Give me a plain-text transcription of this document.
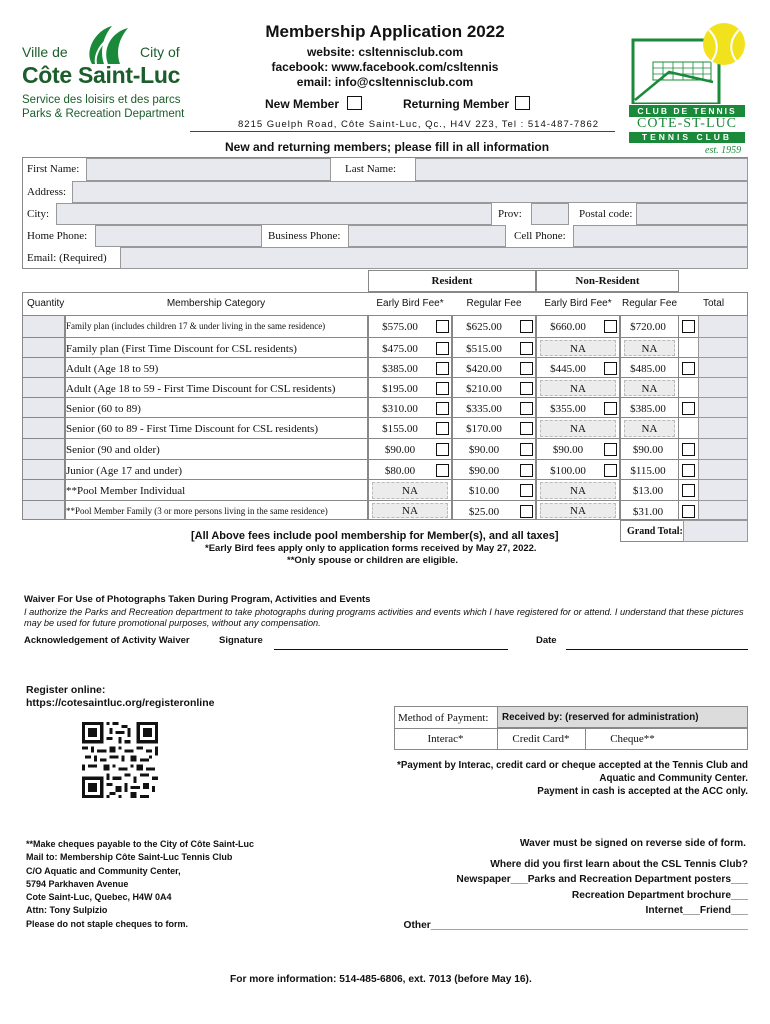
Ville de	City of
Côte Saint-Luc
Service des loisirs et des parcs
Parks & Recreation Department
Membership Application 2022
website: csltennisclub.com
facebook: www.facebook.com/csltennis
email: info@csltennisclub.com
New Member	Returning Member
8215 Guelph Road, Côte Saint-Luc, Qc., H4V 2Z3, Tel : 514-487-7862
New and returning members; please fill in all information
CLUB DE TENNIS
COTE-ST-LUC
TENNIS CLUB
est. 1959
First Name:	Last Name:
Address:
City:	Prov:	Postal code:
Home Phone:	Business Phone:	Cell Phone:
Email: (Required)
Resident	Non-Resident
Quantity	Membership Category	Early Bird Fee*	Regular Fee	Early Bird Fee*	Regular Fee	Total
Family plan (includes children 17 & under living in the same residence)	$575.00	$625.00	$660.00	$720.00
Family plan (First Time Discount for CSL residents)	$475.00	$515.00	NA	NA
Adult (Age 18 to 59)	$385.00	$420.00	$445.00	$485.00
Adult (Age 18 to 59 - First Time Discount for CSL residents)	$195.00	$210.00	NA	NA
Senior (60 to 89)	$310.00	$335.00	$355.00	$385.00
Senior (60 to 89 - First Time Discount for CSL residents)	$155.00	$170.00	NA	NA
Senior (90 and older)	$90.00	$90.00	$90.00	$90.00
Junior (Age 17 and under)	$80.00	$90.00	$100.00	$115.00
**Pool Member Individual	NA	$10.00	NA	$13.00
**Pool Member Family (3 or more persons living in the same residence)	NA	$25.00	NA	$31.00
Grand Total:
[All Above fees include pool membership for Member(s), and all taxes]
*Early Bird fees apply only to application forms received by May 27, 2022.
**Only spouse or children are eligible.
Waiver For Use of Photographs Taken During Program, Activities and Events
I authorize the Parks and Recreation department to take photographs during programs activities and events which I have registered for or attend. I understand that these pictures may be used for future promotional purposes, without any compensation.
Acknowledgement of Activity Waiver	Signature	Date
Register online:
https://cotesaintluc.org/registeronline
Method of Payment: Received by: (reserved for administration)
Interac*	Credit Card*	Cheque**
*Payment by Interac, credit card or cheque accepted at the Tennis Club and
Aquatic and Community Center.
Payment in cash is accepted at the ACC only.
**Make cheques payable to the City of Côte Saint-Luc
Mail to: Membership Côte Saint-Luc Tennis Club
C/O Aquatic and Community Center,
5794 Parkhaven Avenue
Cote Saint-Luc, Quebec, H4W 0A4
Attn: Tony Sulpizio
Please do not staple cheques to form.
Waver must be signed on reverse side of form.
Where did you first learn about the CSL Tennis Club?
Newspaper___Parks and Recreation Department posters___
Recreation Department brochure___
Internet___Friend___
Other________________________________________________________
For more information: 514-485-6806, ext. 7013 (before May 16).
